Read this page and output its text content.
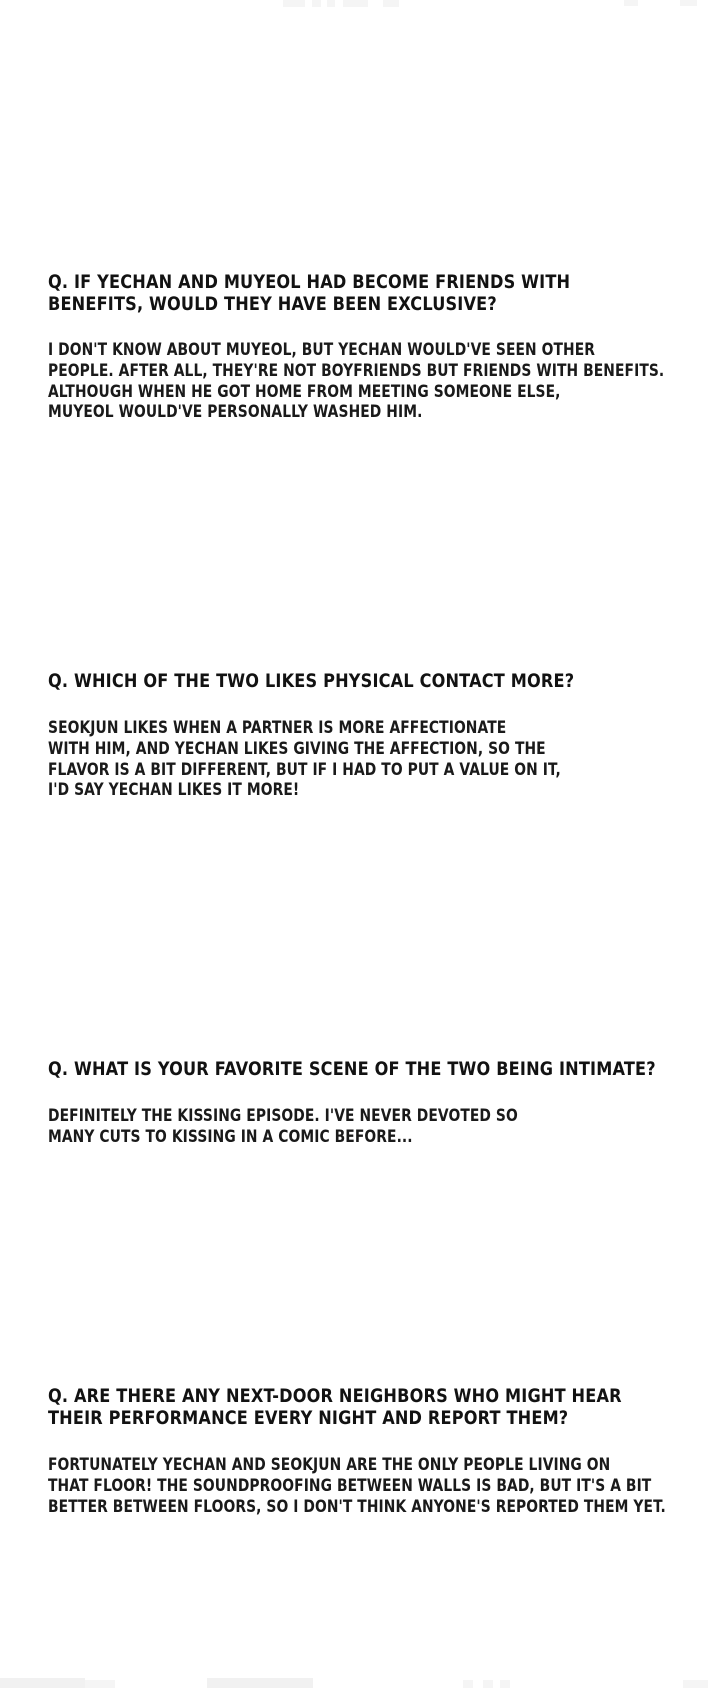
Q. IF YECHAN AND MUYEOL HAD BECOME FRIENDS WITH
BENEFITS, WOULD THEY HAVE BEEN EXCLUSIVE?
I DON'T KNOW ABOUT MUYEOL, BUT YECHAN WOULD'VE SEEN OTHER
PEOPLE. AFTER ALL, THEY'RE NOT BOYFRIENDS BUT FRIENDS WITH BENEFITS.
ALTHOUGH WHEN HE GOT HOME FROM MEETING SOMEONE ELSE,
MUYEOL WOULD'VE PERSONALLY WASHED HIM.
Q. WHICH OF THE TWO LIKES PHYSICAL CONTACT MORE?
SEOKJUN LIKES WHEN A PARTNER IS MORE AFFECTIONATE
WITH HIM, AND YECHAN LIKES GIVING THE AFFECTION, SO THE
FLAVOR IS A BIT DIFFERENT, BUT IF I HAD TO PUT A VALUE ON IT,
I'D SAY YECHAN LIKES IT MORE!
Q. WHAT IS YOUR FAVORITE SCENE OF THE TWO BEING INTIMATE?
DEFINITELY THE KISSING EPISODE. I'VE NEVER DEVOTED SO
MANY CUTS TO KISSING IN A COMIC BEFORE...
Q. ARE THERE ANY NEXT-DOOR NEIGHBORS WHO MIGHT HEAR
THEIR PERFORMANCE EVERY NIGHT AND REPORT THEM?
FORTUNATELY YECHAN AND SEOKJUN ARE THE ONLY PEOPLE LIVING ON
THAT FLOOR! THE SOUNDPROOFING BETWEEN WALLS IS BAD, BUT IT'S A BIT
BETTER BETWEEN FLOORS, SO I DON'T THINK ANYONE'S REPORTED THEM YET.
